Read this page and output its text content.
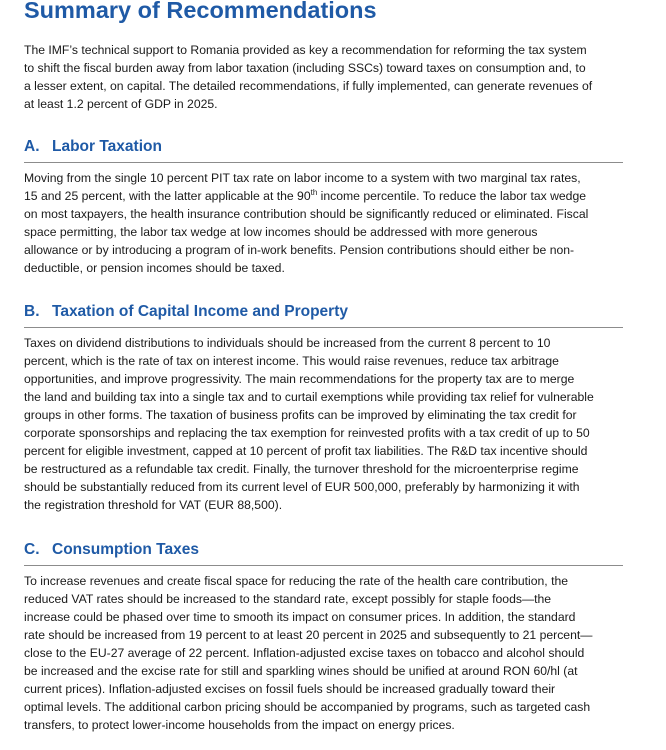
Summary of Recommendations

The IMF’s technical support to Romania provided as key a recommendation for reforming the tax system
to shift the fiscal burden away from labor taxation (including SSCs) toward taxes on consumption and, to
a lesser extent, on capital. The detailed recommendations, if fully implemented, can generate revenues of
at least 1.2 percent of GDP in 2025.

A. Labor Taxation

Moving from the single 10 percent PIT tax rate on labor income to a system with two marginal tax rates,
15 and 25 percent, with the latter applicable at the 90th income percentile. To reduce the labor tax wedge
on most taxpayers, the health insurance contribution should be significantly reduced or eliminated. Fiscal
space permitting, the labor tax wedge at low incomes should be addressed with more generous
allowance or by introducing a program of in-work benefits. Pension contributions should either be non-
deductible, or pension incomes should be taxed.

B. Taxation of Capital Income and Property

Taxes on dividend distributions to individuals should be increased from the current 8 percent to 10
percent, which is the rate of tax on interest income. This would raise revenues, reduce tax arbitrage
opportunities, and improve progressivity. The main recommendations for the property tax are to merge
the land and building tax into a single tax and to curtail exemptions while providing tax relief for vulnerable
groups in other forms. The taxation of business profits can be improved by eliminating the tax credit for
corporate sponsorships and replacing the tax exemption for reinvested profits with a tax credit of up to 50
percent for eligible investment, capped at 10 percent of profit tax liabilities. The R&D tax incentive should
be restructured as a refundable tax credit. Finally, the turnover threshold for the microenterprise regime
should be substantially reduced from its current level of EUR 500,000, preferably by harmonizing it with
the registration threshold for VAT (EUR 88,500).

C. Consumption Taxes

To increase revenues and create fiscal space for reducing the rate of the health care contribution, the
reduced VAT rates should be increased to the standard rate, except possibly for staple foods—the
increase could be phased over time to smooth its impact on consumer prices. In addition, the standard
rate should be increased from 19 percent to at least 20 percent in 2025 and subsequently to 21 percent—
close to the EU-27 average of 22 percent. Inflation-adjusted excise taxes on tobacco and alcohol should
be increased and the excise rate for still and sparkling wines should be unified at around RON 60/hl (at
current prices). Inflation-adjusted excises on fossil fuels should be increased gradually toward their
optimal levels. The additional carbon pricing should be accompanied by programs, such as targeted cash
transfers, to protect lower-income households from the impact on energy prices.
